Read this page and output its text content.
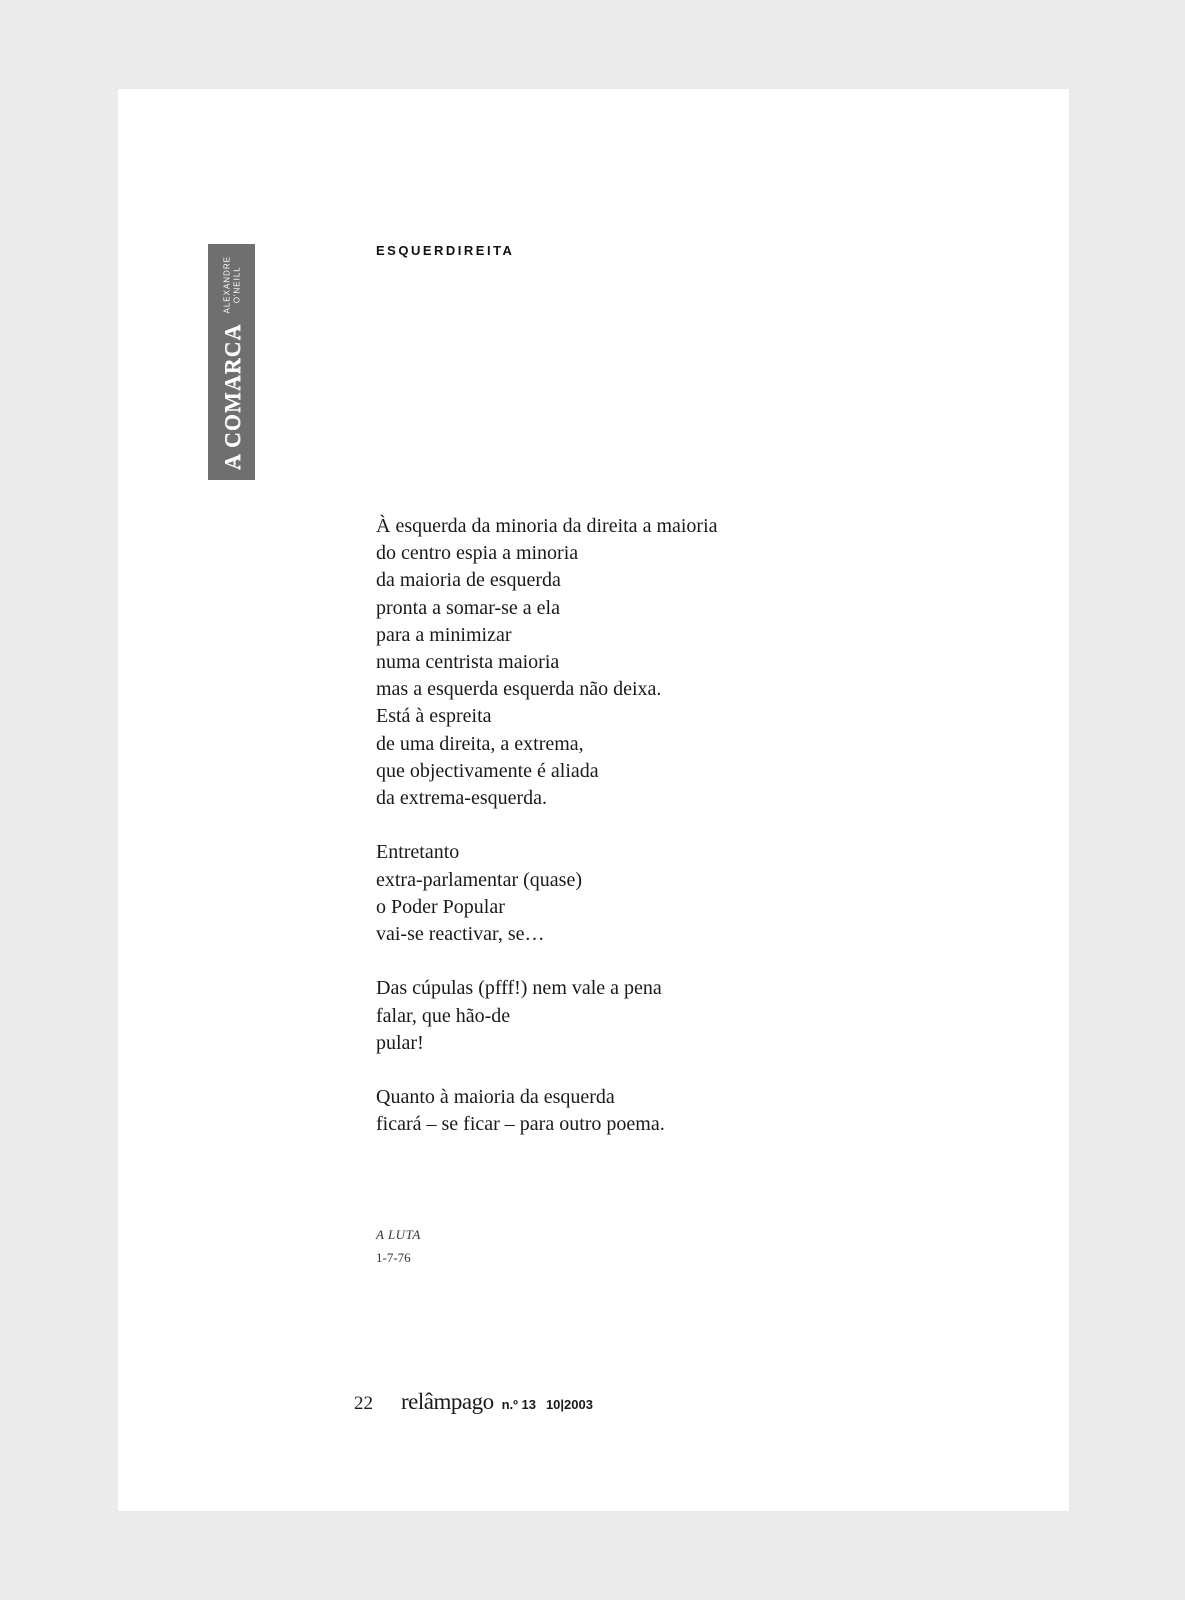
A COMARCA
ALEXANDRE O'NEILL
ESQUERDIREITA

À esquerda da minoria da direita a maioria
do centro espia a minoria
da maioria de esquerda
pronta a somar-se a ela
para a minimizar
numa centrista maioria
mas a esquerda esquerda não deixa.
Está à espreita
de uma direita, a extrema,
que objectivamente é aliada
da extrema-esquerda.

Entretanto
extra-parlamentar (quase)
o Poder Popular
vai-se reactivar, se…

Das cúpulas (pfff!) nem vale a pena
falar, que hão-de
pular!

Quanto à maioria da esquerda
ficará – se ficar – para outro poema.

A LUTA
1-7-76
22 relâmpago n.º 13 10|2003
